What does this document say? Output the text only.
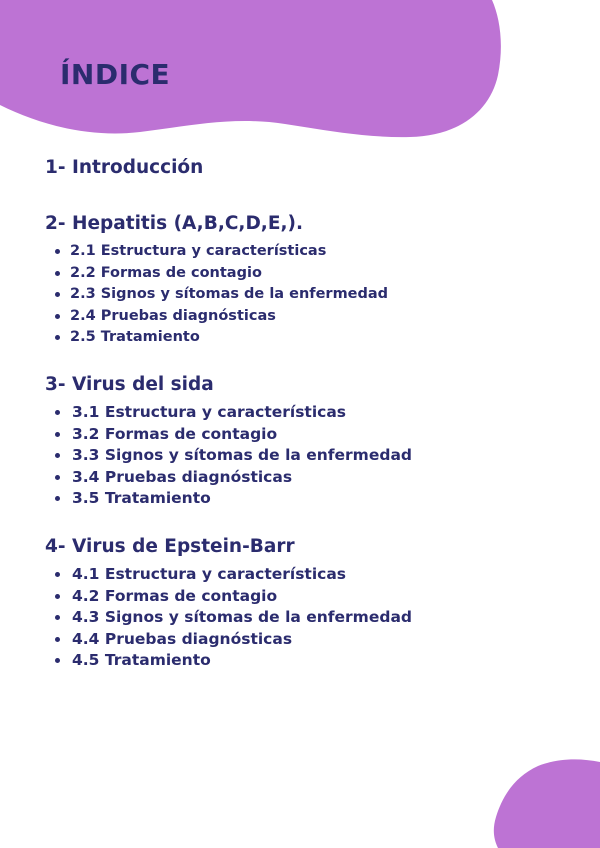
ÍNDICE
1- Introducción
2- Hepatitis (A,B,C,D,E,).
2.1 Estructura y características
2.2 Formas de contagio
2.3 Signos y sítomas de la enfermedad
2.4 Pruebas diagnósticas
2.5 Tratamiento
3- Virus del sida
3.1 Estructura y características
3.2 Formas de contagio
3.3 Signos y sítomas de la enfermedad
3.4 Pruebas diagnósticas
3.5 Tratamiento
4- Virus de Epstein-Barr
4.1 Estructura y características
4.2 Formas de contagio
4.3 Signos y sítomas de la enfermedad
4.4 Pruebas diagnósticas
4.5 Tratamiento
